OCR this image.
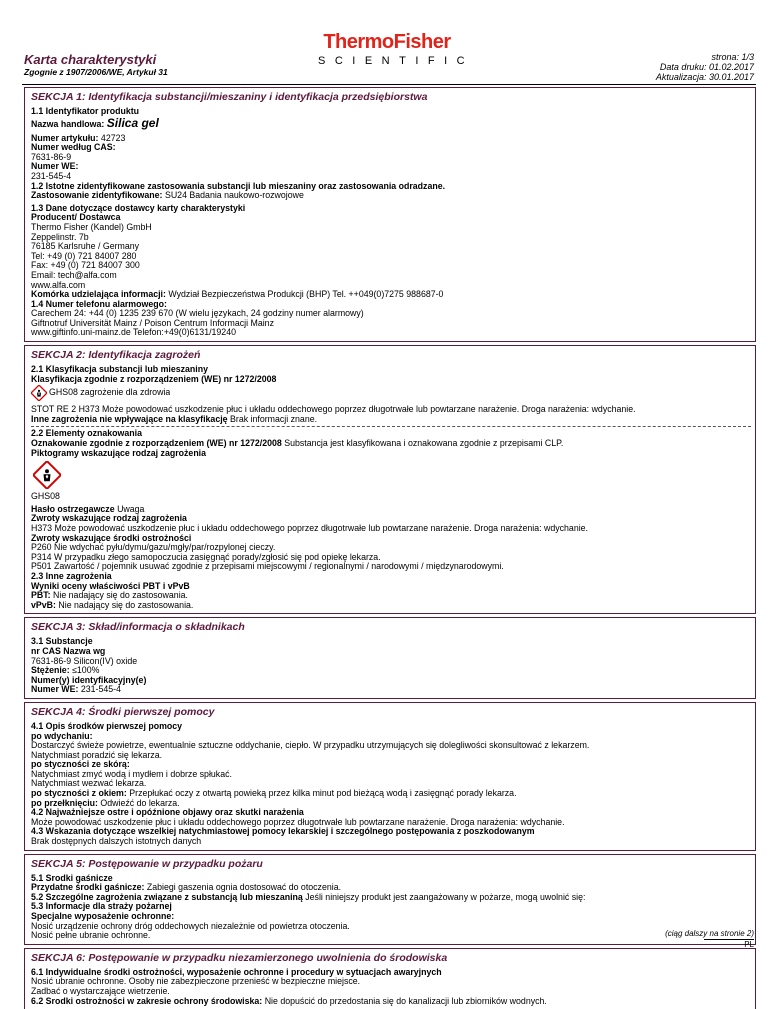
Karta charakterystyki
Zgognie z 1907/2006/WE, Artykuł 31
ThermoFisher
SCIENTIFIC	strona: 1/3
Data druku: 01.02.2017
Aktualizacja: 30.01.2017
SEKCJA 1: Identyfikacja substancji/mieszaniny i identyfikacja przedsiębiorstwa
1.1 Identyfikator produktu
Nazwa handlowa: Silica gel
Numer artykułu: 42723
Numer według CAS:
7631-86-9
Numer WE:
231-545-4
1.2 Istotne zidentyfikowane zastosowania substancji lub mieszaniny oraz zastosowania odradzane.
Zastosowanie zidentyfikowane: SU24 Badania naukowo-rozwojowe
1.3 Dane dotyczące dostawcy karty charakterystyki
Producent/ Dostawca
Thermo Fisher (Kandel) GmbH
Zeppelinstr. 7b
76185 Karlsruhe / Germany
Tel: +49 (0) 721 84007 280
Fax: +49 (0) 721 84007 300
Email: tech@alfa.com
www.alfa.com
Komórka udzielająca informacji: Wydział Bezpieczeństwa Produkcji (BHP) Tel. ++049(0)7275 988687-0
1.4 Numer telefonu alarmowego:
Carechem 24: +44 (0) 1235 239 670 (W wielu językach, 24 godziny numer alarmowy)
Giftnotruf Universität Mainz / Poison Centrum Informacji Mainz
www.giftinfo.uni-mainz.de Telefon:+49(0)6131/19240
SEKCJA 2: Identyfikacja zagrożeń
2.1 Klasyfikacja substancji lub mieszaniny
Klasyfikacja zgodnie z rozporządzeniem (WE) nr 1272/2008
GHS08 zagrożenie dla zdrowia
STOT RE 2 H373 Może powodować uszkodzenie płuc i układu oddechowego poprzez długotrwałe lub powtarzane narażenie. Droga narażenia: wdychanie.
Inne zagrożenia nie wpływające na klasyfikację Brak informacji znane.
2.2 Elementy oznakowania
Oznakowanie zgodnie z rozporządzeniem (WE) nr 1272/2008 Substancja jest klasyfikowana i oznakowana zgodnie z przepisami CLP.
Piktogramy wskazujące rodzaj zagrożenia
GHS08
Hasło ostrzegawcze Uwaga
Zwroty wskazujące rodzaj zagrożenia
H373 Może powodować uszkodzenie płuc i układu oddechowego poprzez długotrwałe lub powtarzane narażenie. Droga narażenia: wdychanie.
Zwroty wskazujące środki ostrożności
P260 Nie wdychać pyłu/dymu/gazu/mgły/par/rozpylonej cieczy.
P314 W przypadku złego samopoczucia zasięgnąć porady/zgłosić się pod opiekę lekarza.
P501 Zawartość / pojemnik usuwać zgodnie z przepisami miejscowymi / regionalnymi / narodowymi / międzynarodowymi.
2.3 Inne zagrożenia
Wyniki oceny właściwości PBT i vPvB
PBT: Nie nadający się do zastosowania.
vPvB: Nie nadający się do zastosowania.
SEKCJA 3: Skład/informacja o składnikach
3.1 Substancje
nr CAS Nazwa wg
7631-86-9 Silicon(IV) oxide
Stężenie: ≤100%
Numer(y) identyfikacyjny(e)
Numer WE: 231-545-4
SEKCJA 4: Środki pierwszej pomocy
4.1 Opis środków pierwszej pomocy
po wdychaniu:
Dostarczyć świeże powietrze, ewentualnie sztuczne oddychanie, ciepło. W przypadku utrzymujących się dolegliwości skonsultować z lekarzem.
Natychmiast poradzić się lekarza.
po styczności ze skórą:
Natychmiast zmyć wodą i mydłem i dobrze spłukać.
Natychmiast wezwać lekarza.
po styczności z okiem: Przepłukać oczy z otwartą powieką przez kilka minut pod bieżącą wodą i zasięgnąć porady lekarza.
po przełknięciu: Odwieźć do lekarza.
4.2 Najważniejsze ostre i opóźnione objawy oraz skutki narażenia
Może powodować uszkodzenie płuc i układu oddechowego poprzez długotrwałe lub powtarzane narażenie. Droga narażenia: wdychanie.
4.3 Wskazania dotyczące wszelkiej natychmiastowej pomocy lekarskiej i szczególnego postępowania z poszkodowanym
Brak dostępnych dalszych istotnych danych
SEKCJA 5: Postępowanie w przypadku pożaru
5.1 Środki gaśnicze
Przydatne środki gaśnicze: Zabiegi gaszenia ognia dostosować do otoczenia.
5.2 Szczególne zagrożenia związane z substancją lub mieszaniną Jeśli niniejszy produkt jest zaangażowany w pożarze, mogą uwolnić się:
5.3 Informacje dla straży pożarnej
Specjalne wyposażenie ochronne:
Nosić urządzenie ochrony dróg oddechowych niezależnie od powietrza otoczenia.
Nosić pełne ubranie ochronne.
SEKCJA 6: Postępowanie w przypadku niezamierzonego uwolnienia do środowiska
6.1 Indywidualne środki ostrożności, wyposażenie ochronne i procedury w sytuacjach awaryjnych
Nosić ubranie ochronne. Osoby nie zabezpieczone przenieść w bezpieczne miejsce.
Zadbać o wystarczające wietrzenie.
6.2 Środki ostrożności w zakresie ochrony środowiska: Nie dopuścić do przedostania się do kanalizacji lub zbiorników wodnych.
(ciąg dalszy na stronie 2)
PL
